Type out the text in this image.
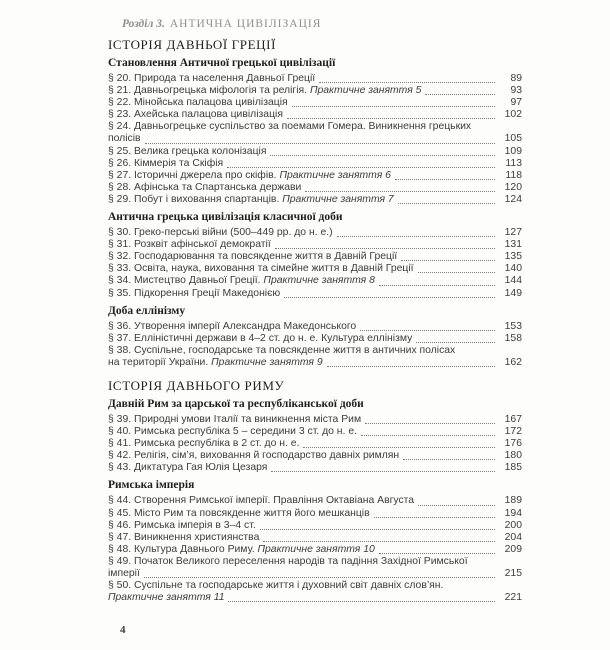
Розділ 3. АНТИЧНА ЦИВІЛІЗАЦІЯ
ІСТОРІЯ ДАВНЬОЇ ГРЕЦІЇ
Становлення Античної грецької цивілізації
§ 20. Природа та населення Давньої Греції	89
§ 21. Давньогрецька міфологія та релігія. Практичне заняття 5	93
§ 22. Мінойська палацова цивілізація	97
§ 23. Ахейська палацова цивілізація	102
§ 24. Давньогрецьке суспільство за поемами Гомера. Виникнення грецьких
полісів	105
§ 25. Велика грецька колонізація	109
§ 26. Кіммерія та Скіфія	113
§ 27. Історичні джерела про скіфів. Практичне заняття 6	118
§ 28. Афінська та Спартанська держави	120
§ 29. Побут і виховання спартанців. Практичне заняття 7	124
Антична грецька цивілізація класичної доби
§ 30. Греко-перські війни (500–449 рр. до н. е.)	127
§ 31. Розквіт афінської демократії	131
§ 32. Господарювання та повсякденне життя в Давній Греції	135
§ 33. Освіта, наука, виховання та сімейне життя в Давній Греції	140
§ 34. Мистецтво Давньої Греції. Практичне заняття 8	144
§ 35. Підкорення Греції Македонією	149
Доба еллінізму
§ 36. Утворення імперії Александра Македонського	153
§ 37. Елліністичні держави в 4–2 ст. до н. е. Культура еллінізму	158
§ 38. Суспільне, господарське та повсякденне життя в античних полісах
на території України. Практичне заняття 9	162
ІСТОРІЯ ДАВНЬОГО РИМУ
Давній Рим за царської та республіканської доби
§ 39. Природні умови Італії та виникнення міста Рим	167
§ 40. Римська республіка 5 – середини 3 ст. до н. е.	172
§ 41. Римська республіка в 2 ст. до н. е.	176
§ 42. Релігія, сім’я, виховання й господарство давніх римлян	180
§ 43. Диктатура Гая Юлія Цезаря	185
Римська імперія
§ 44. Створення Римської імперії. Правління Октавіана Августа	189
§ 45. Місто Рим та повсякденне життя його мешканців	194
§ 46. Римська імперія в 3–4 ст.	200
§ 47. Виникнення християнства	204
§ 48. Культура Давнього Риму. Практичне заняття 10	209
§ 49. Початок Великого переселення народів та падіння Західної Римської
імперії	215
§ 50. Суспільне та господарське життя і духовний світ давніх слов’ян.
Практичне заняття 11	221
4
